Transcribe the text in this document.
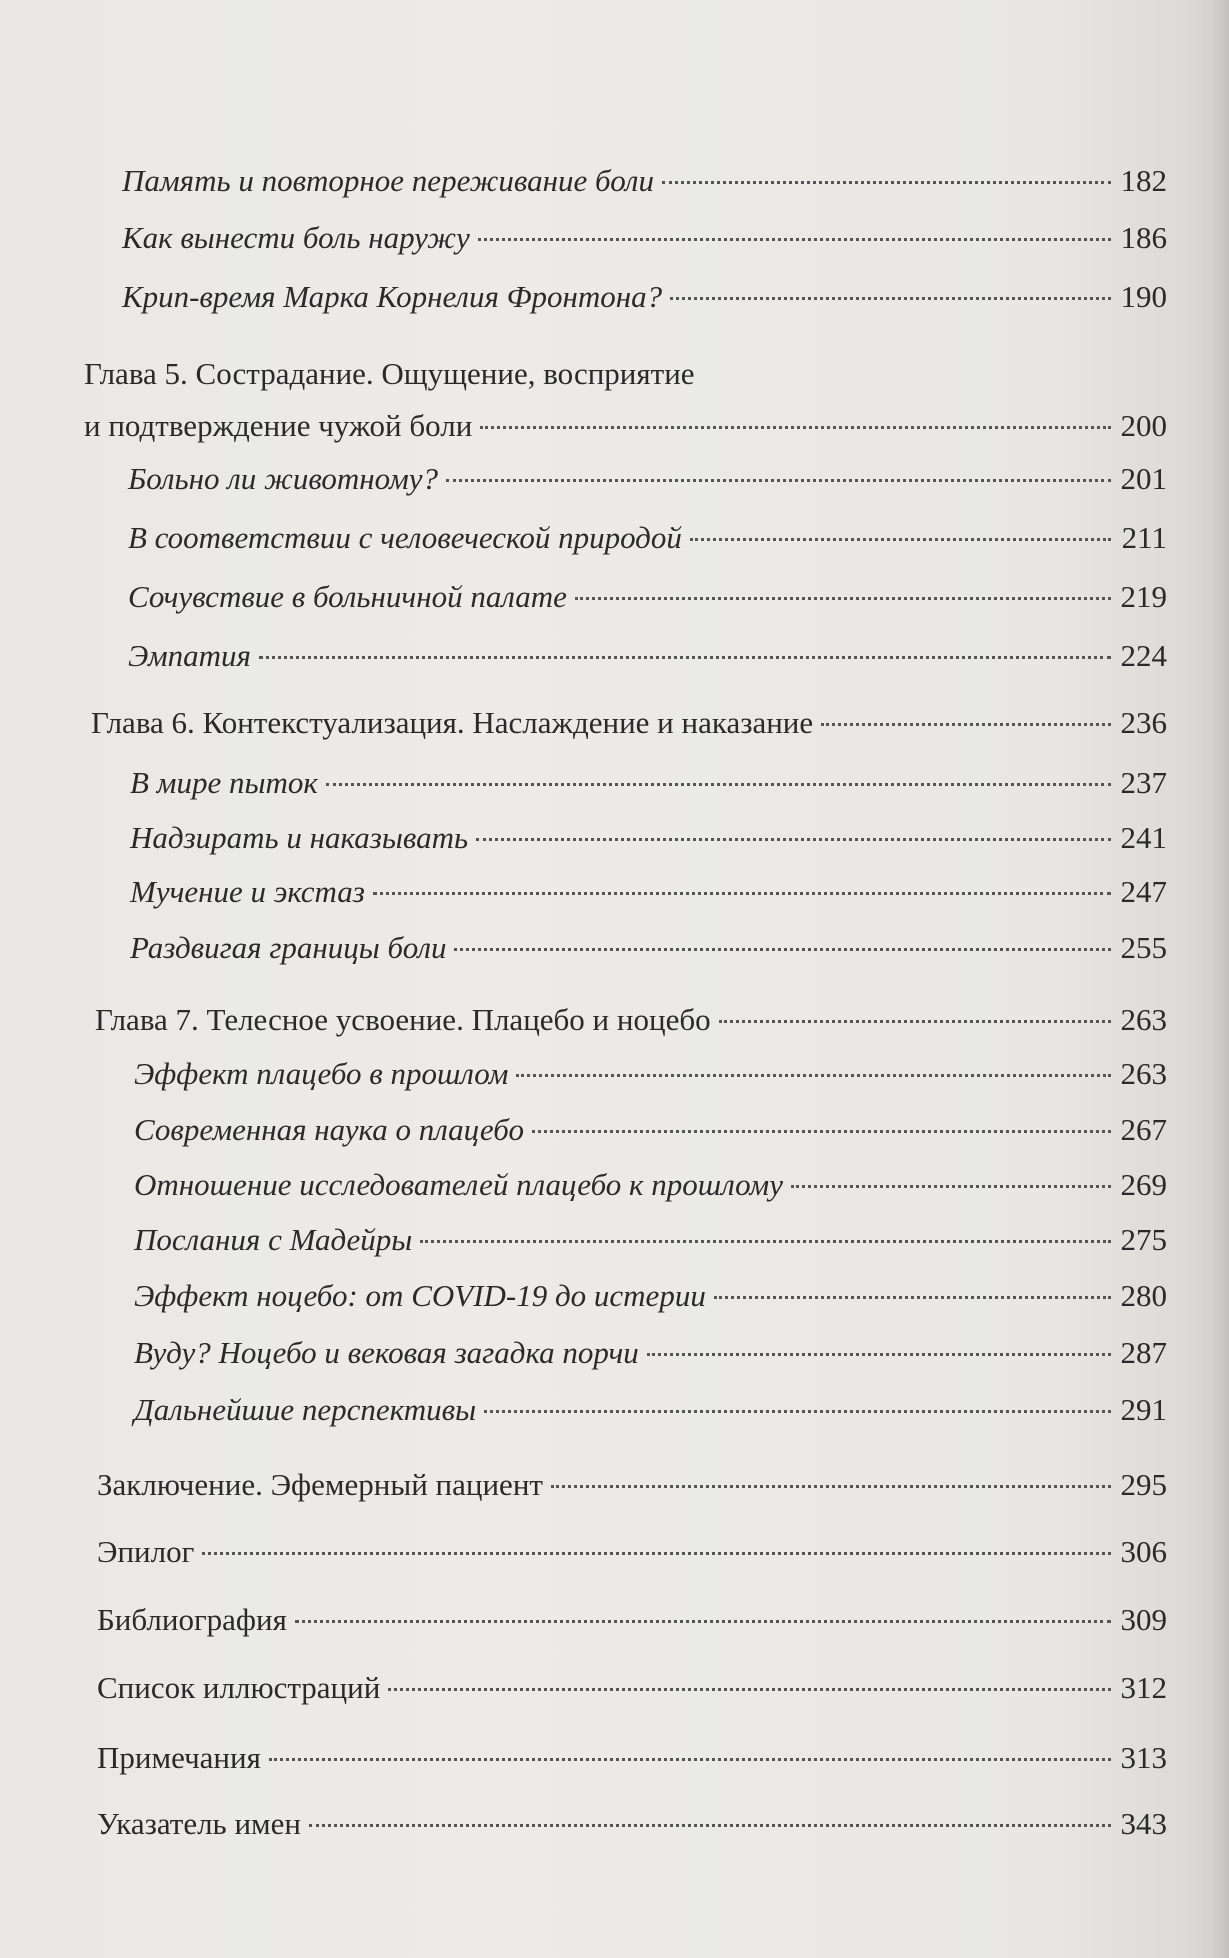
Память и повторное переживание боли	182
Как вынести боль наружу	186
Крип-время Марка Корнелия Фронтона?	190
Глава 5. Сострадание. Ощущение, восприятие
и подтверждение чужой боли	200
Больно ли животному?	201
В соответствии с человеческой природой	211
Сочувствие в больничной палате	219
Эмпатия	224
Глава 6. Контекстуализация. Наслаждение и наказание	236
В мире пыток	237
Надзирать и наказывать	241
Мучение и экстаз	247
Раздвигая границы боли	255
Глава 7. Телесное усвоение. Плацебо и ноцебо	263
Эффект плацебо в прошлом	263
Современная наука о плацебо	267
Отношение исследователей плацебо к прошлому	269
Послания с Мадейры	275
Эффект ноцебо: от COVID-19 до истерии	280
Вуду? Ноцебо и вековая загадка порчи	287
Дальнейшие перспективы	291
Заключение. Эфемерный пациент	295
Эпилог	306
Библиография	309
Список иллюстраций	312
Примечания	313
Указатель имен	343
